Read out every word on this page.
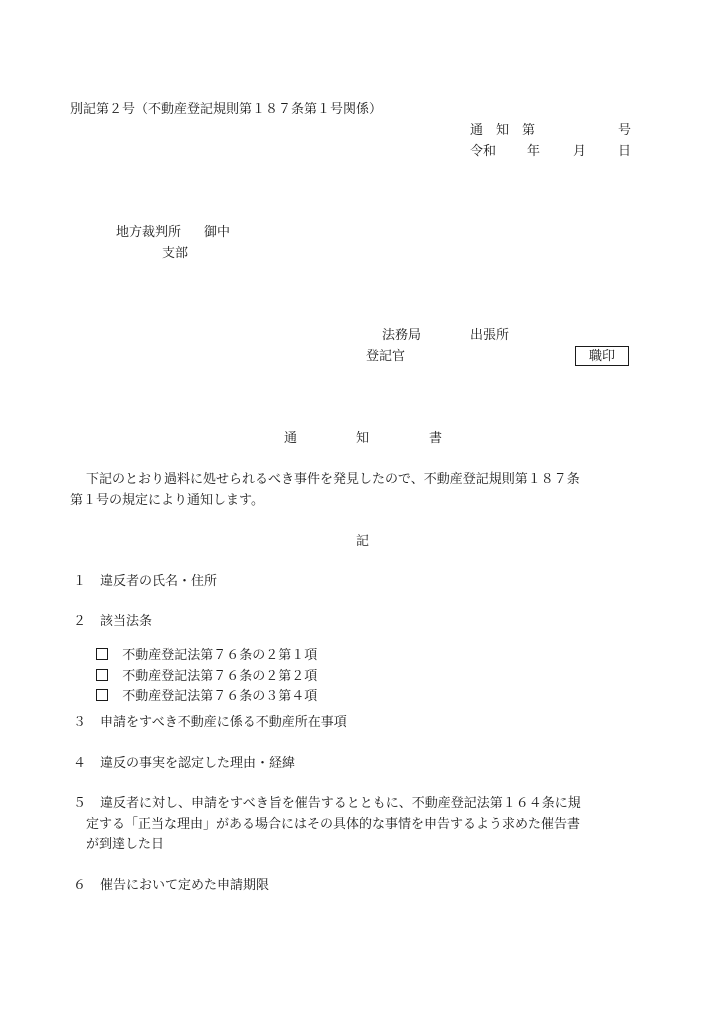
別記第２号（不動産登記規則第１８７条第１号関係）
通　知　第	号
令和 年	月 日
地方裁判所 御中
支部
法務局	出張所
登記官	職印
通	知	書
下記のとおり過料に処せられるべき事件を発見したので、不動産登記規則第１８７条
第１号の規定により通知します。
記
１ 違反者の氏名・住所
２ 該当法条

不動産登記法第７６条の２第１項

不動産登記法第７６条の２第２項

不動産登記法第７６条の３第４項

３ 申請をすべき不動産に係る不動産所在事項
４ 違反の事実を認定した理由・経緯
５ 違反者に対し、申請をすべき旨を催告するとともに、不動産登記法第１６４条に規
定する「正当な理由」がある場合にはその具体的な事情を申告するよう求めた催告書
が到達した日
６ 催告において定めた申請期限
